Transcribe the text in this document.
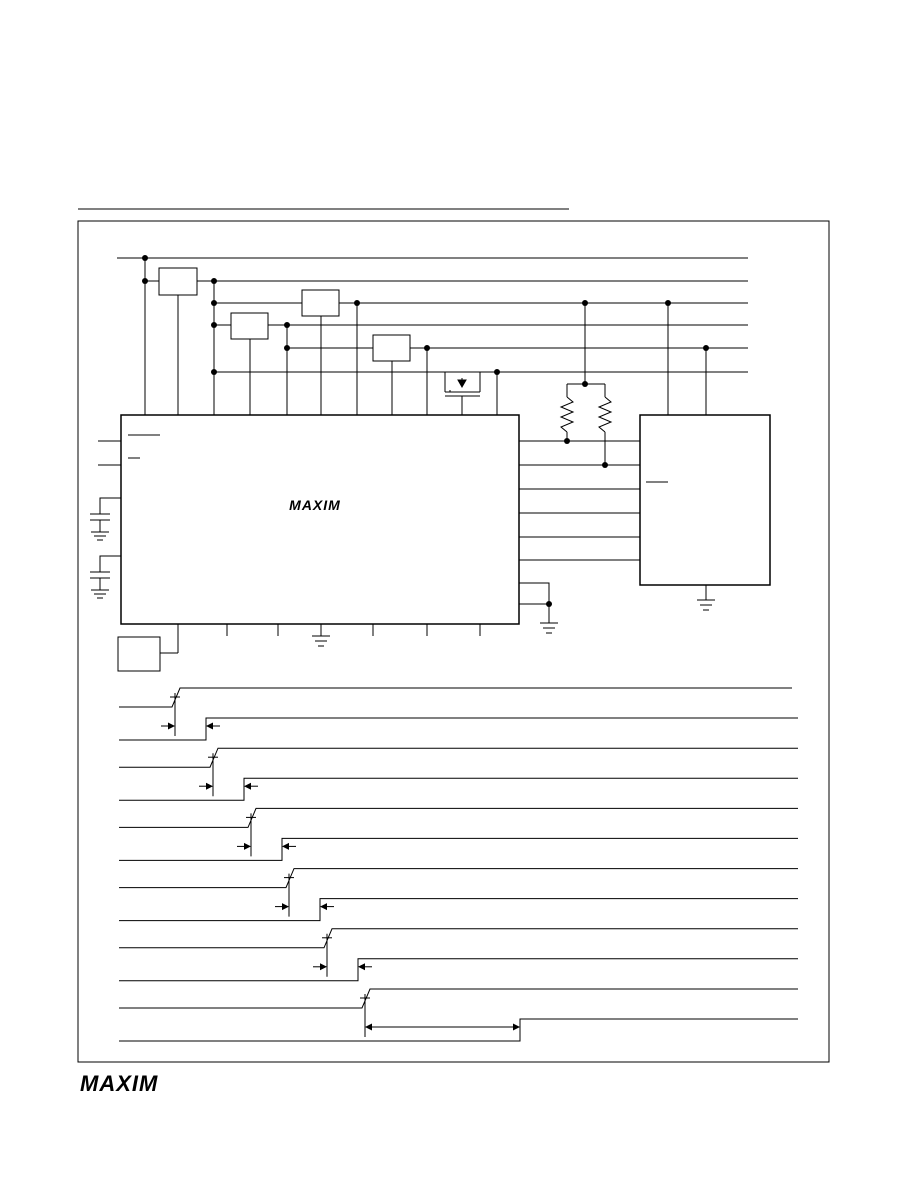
MAXIM
MAXIM
